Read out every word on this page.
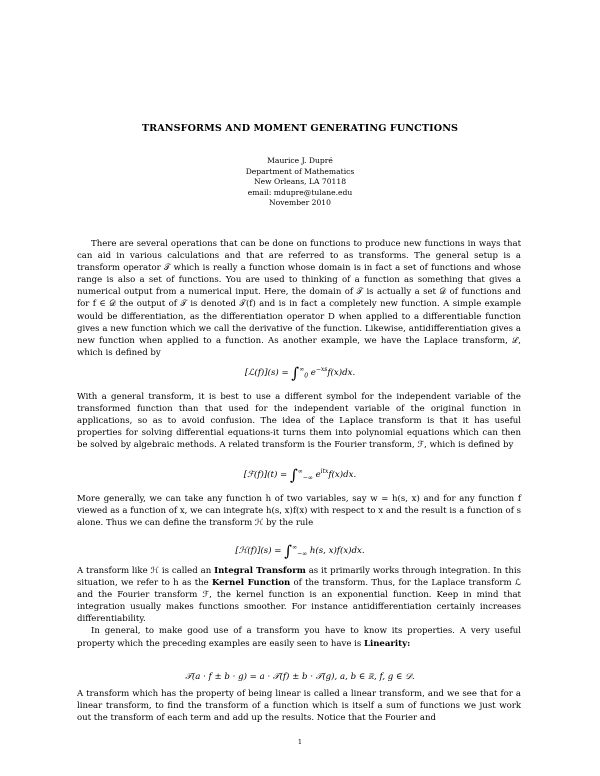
TRANSFORMS AND MOMENT GENERATING FUNCTIONS
Maurice J. Dupré
Department of Mathematics
New Orleans, LA 70118
email: mdupre@tulane.edu
November 2010

There are several operations that can be done on functions to produce new functions in ways that can aid in various calculations and that are referred to as transforms. The general setup is a transform operator 𝒯 which is really a function whose domain is in fact a set of functions and whose range is also a set of functions. You are used to thinking of a function as something that gives a numerical output from a numerical input. Here, the domain of 𝒯 is actually a set 𝒟 of functions and for f ∈ 𝒟 the output of 𝒯 is denoted 𝒯(f) and is in fact a completely new function. A simple example would be differentiation, as the differentiation operator D when applied to a differentiable function gives a new function which we call the derivative of the function. Likewise, antidifferentiation gives a new function when applied to a function. As another example, we have the Laplace transform, ℒ, which is defined by

[ℒ(f)](s) = $\int^\infty_0$ $e^{-xs}f(x)dx$.

With a general transform, it is best to use a different symbol for the independent variable of the transformed function than that used for the independent variable of the original function in applications, so as to avoid confusion. The idea of the Laplace transform is that it has useful properties for solving differential equations-it turns them into polynomial equations which can then be solved by algebraic methods. A related transform is the Fourier transform, ℱ, which is defined by

[ℱ(f)](t) = $\int^\infty_{-\infty}$ $e^{itx}f(x)dx$.

More generally, we can take any function h of two variables, say w = h(s, x) and for any function f viewed as a function of x, we can integrate h(s, x)f(x) with respect to x and the result is a function of s alone. Thus we can define the transform ℋ by the rule

[ℋ(f)](s) = $\int^\infty_{-\infty}$ h(s, x)f(x)dx.

A transform like ℋ is called an Integral Transform as it primarily works through integration. In this situation, we refer to h as the Kernel Function of the transform. Thus, for the Laplace transform ℒ and the Fourier transform ℱ, the kernel function is an exponential function. Keep in mind that integration usually makes functions smoother. For instance antidifferentiation certainly increases differentiability.

In general, to make good use of a transform you have to know its properties. A very useful property which the preceding examples are easily seen to have is Linearity:

𝒯(a · f ± b · g) = a · 𝒯(f) ± b · 𝒯(g), a, b ∈ ℝ, f, g ∈ 𝒟.

A transform which has the property of being linear is called a linear transform, and we see that for a linear transform, to find the transform of a function which is itself a sum of functions we just work out the transform of each term and add up the results. Notice that the Fourier and

1
